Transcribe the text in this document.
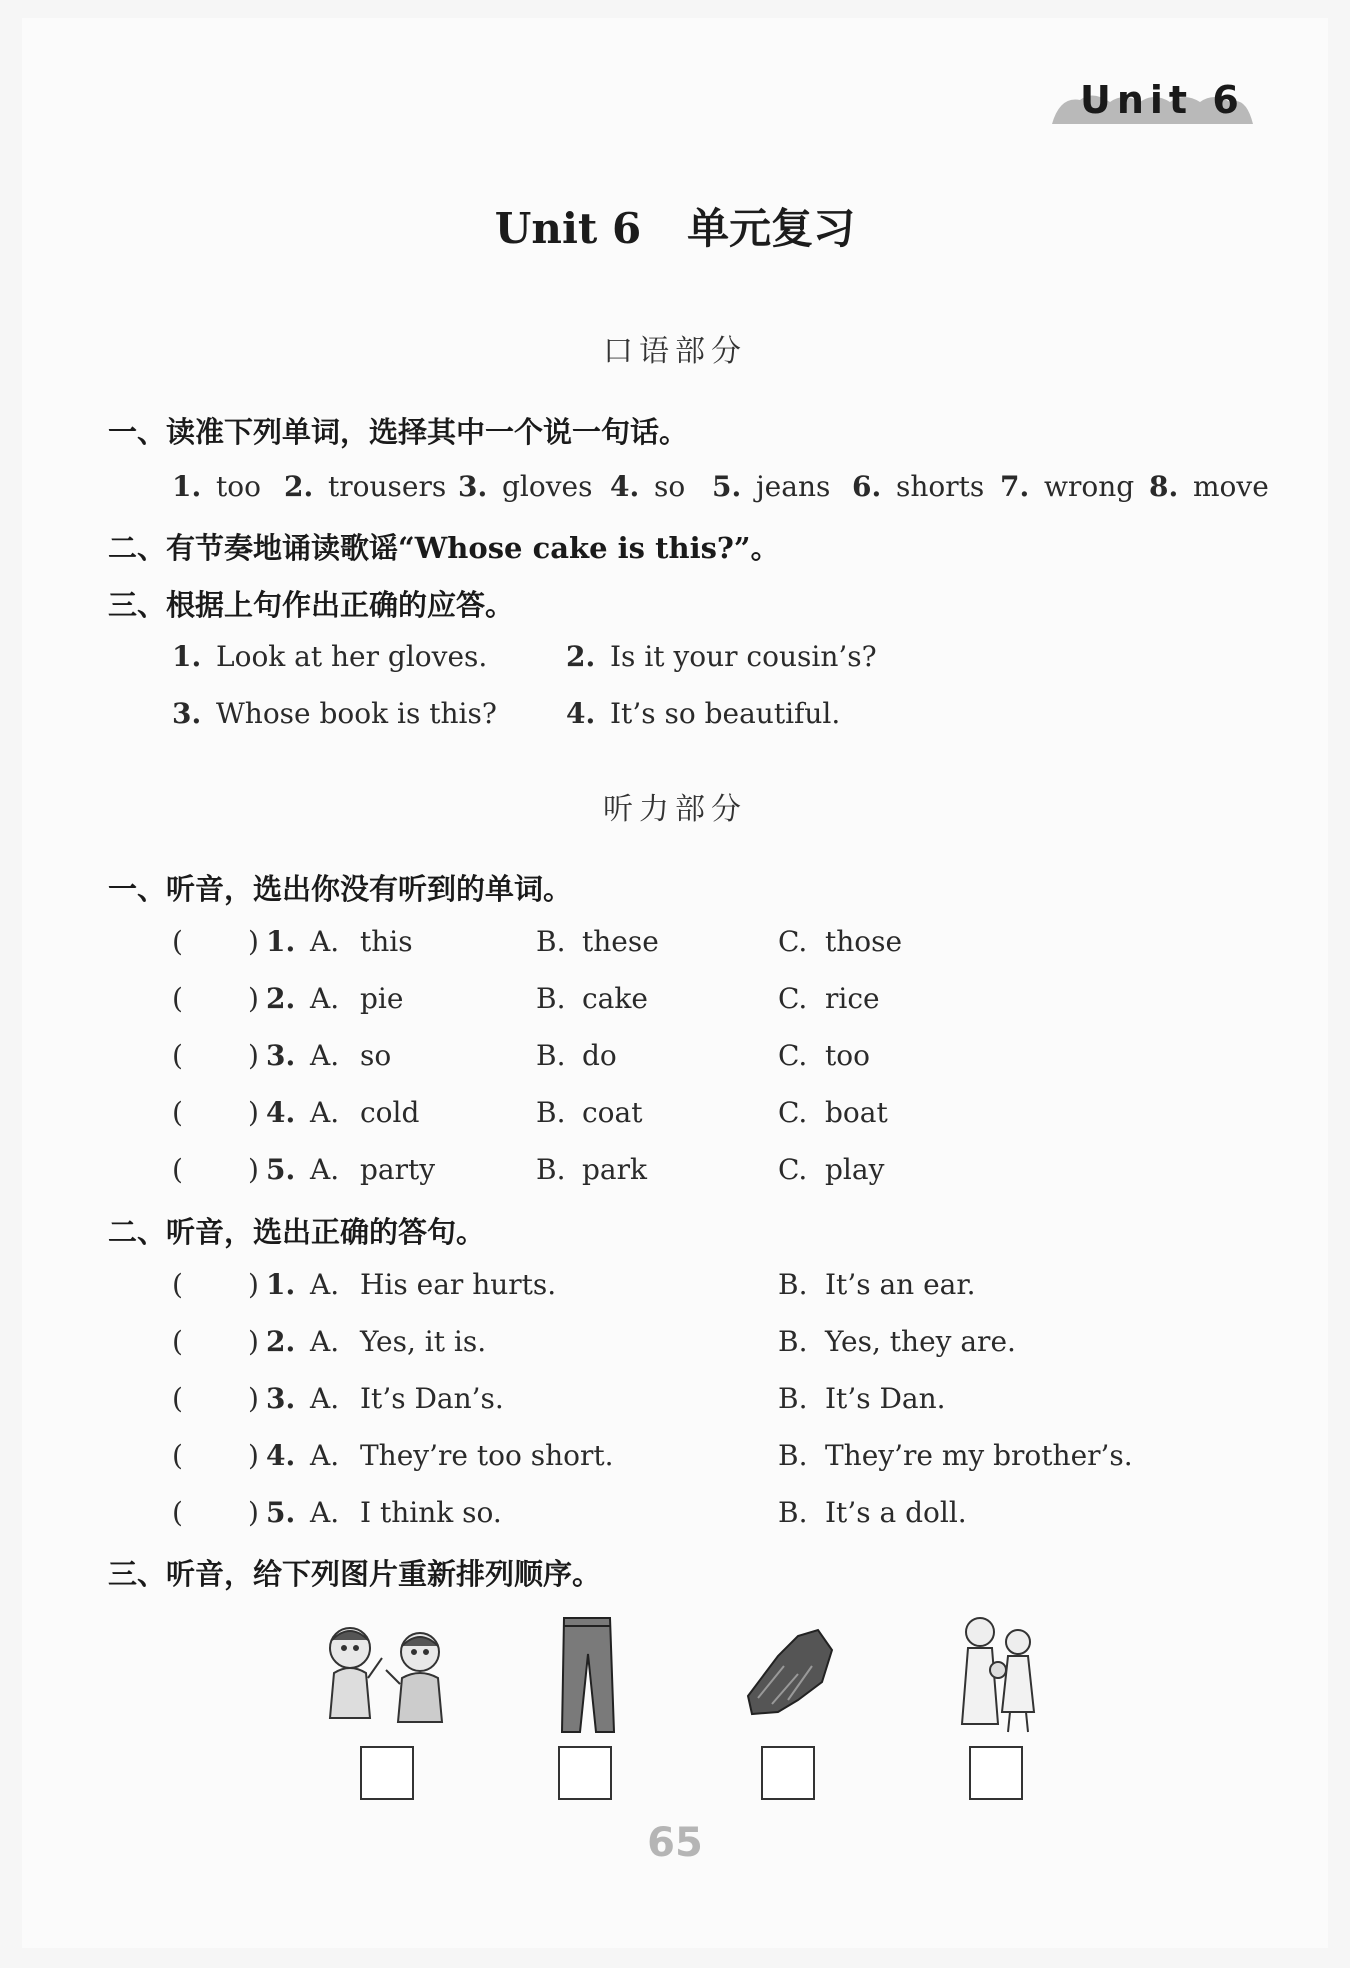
Unit 6
Unit 6 单元复习
口语部分
一、读准下列单词，选择其中一个说一句话。
1. too 2. trousers 3. gloves 4. so 5. jeans 6. shorts 7. wrong 8. move
二、有节奏地诵读歌谣“Whose cake is this?”。
三、根据上句作出正确的应答。
1. Look at her gloves.	2. Is it your cousin’s?
3. Whose book is this? 4. It’s so beautiful.
听力部分
一、听音，选出你没有听到的单词。
( ) 1. A. this	B. these	C. those
( ) 2. A. pie	B. cake	C. rice
( ) 3. A. so	B. do	C. too
( ) 4. A. cold	B. coat	C. boat
( ) 5. A. party	B. park	C. play
二、听音，选出正确的答句。
( ) 1. A. His ear hurts.	B. It’s an ear.
( ) 2. A. Yes, it is.	B. Yes, they are.
( ) 3. A. It’s Dan’s.	B. It’s Dan.
( ) 4. A. They’re too short.	B. They’re my brother’s.
( ) 5. A. I think so.	B. It’s a doll.
三、听音，给下列图片重新排列顺序。
65
